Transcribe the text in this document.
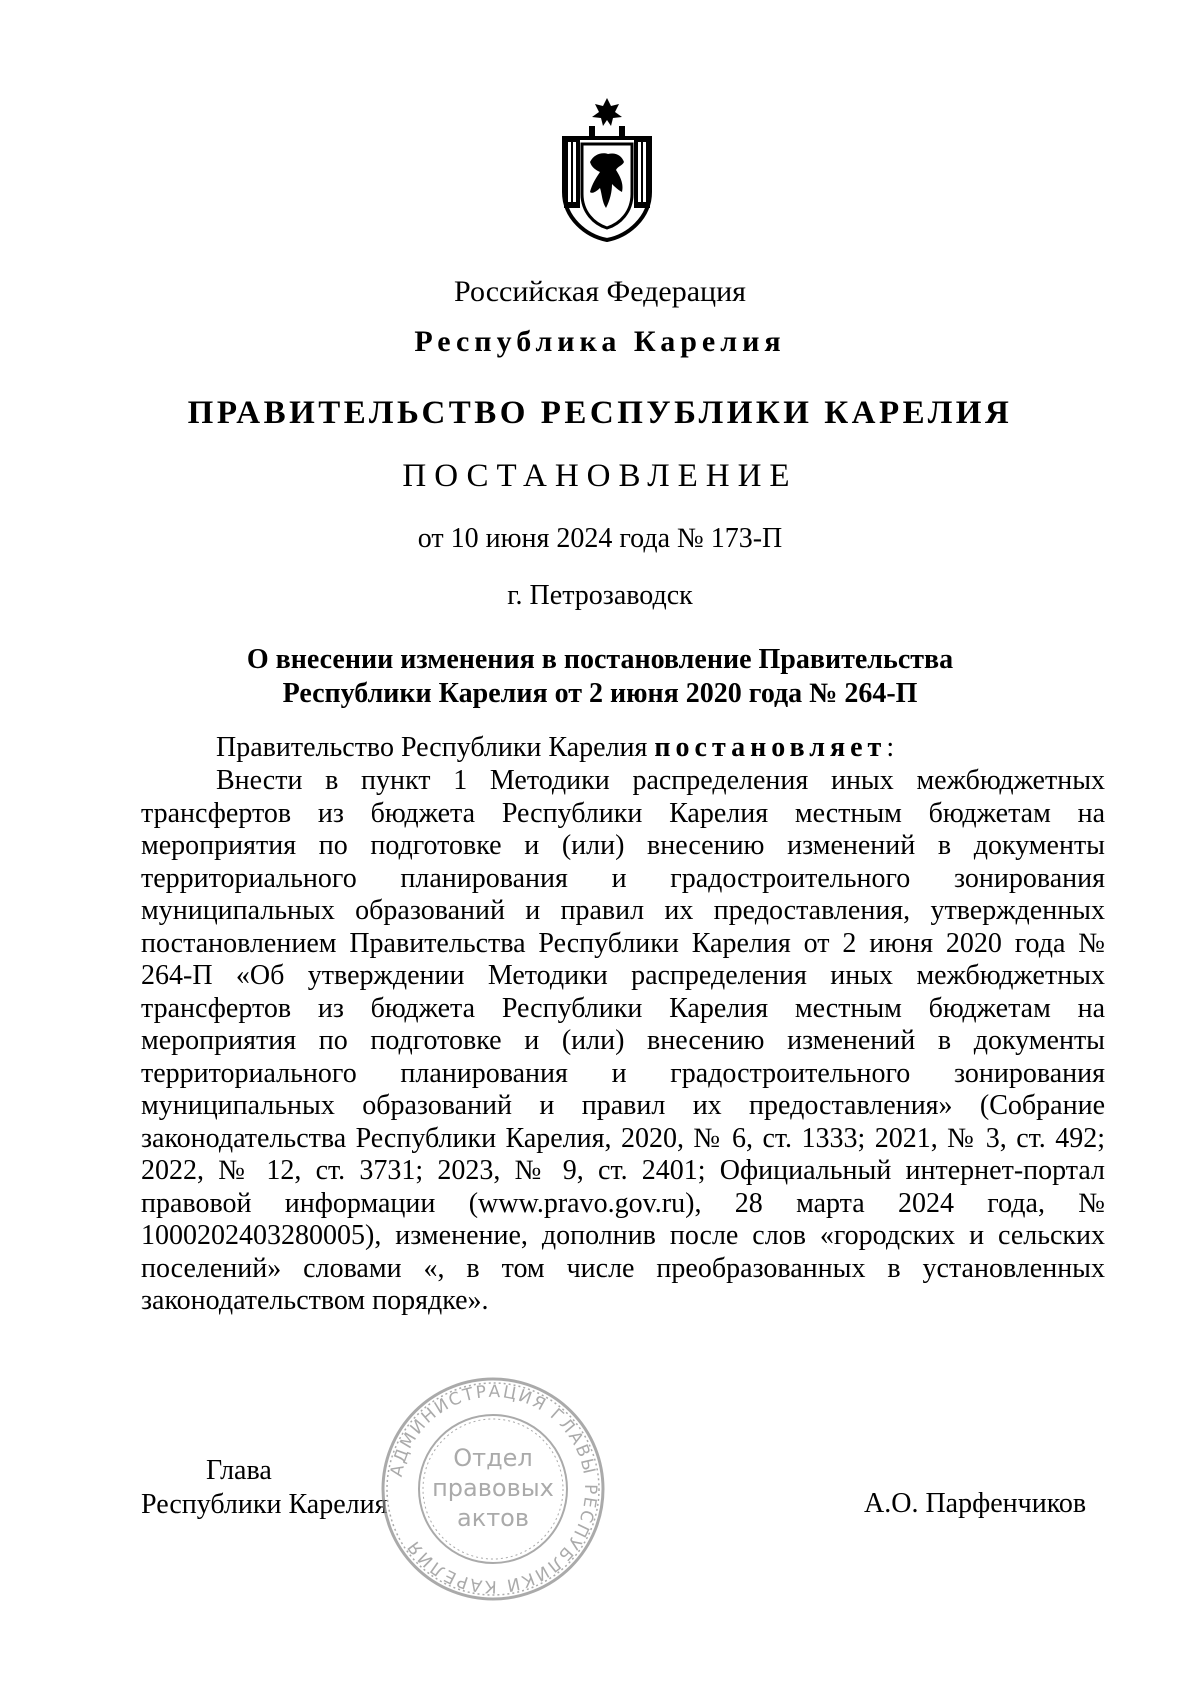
Российская Федерация
Республика Карелия
ПРАВИТЕЛЬСТВО РЕСПУБЛИКИ КАРЕЛИЯ
ПОСТАНОВЛЕНИЕ
от 10 июня 2024 года № 173-П
г. Петрозаводск
О внесении изменения в постановление Правительства
Республики Карелия от 2 июня 2020 года № 264-П
Правительство Республики Карелия постановляет:

Внести в пункт 1 Методики распределения иных межбюджетных трансфертов из бюджета Республики Карелия местным бюджетам на мероприятия по подготовке и (или) внесению изменений в документы территориального планирования и градостроительного зонирования муниципальных образований и правил их предоставления, утвержденных постановлением Правительства Республики Карелия от 2 июня 2020 года № 264-П «Об утверждении Методики распределения иных межбюджетных трансфертов из бюджета Республики Карелия местным бюджетам на мероприятия по подготовке и (или) внесению изменений в документы территориального планирования и градостроительного зонирования муниципальных образований и правил их предоставления» (Собрание законодательства Республики Карелия, 2020, № 6, ст. 1333; 2021, № 3, ст. 492; 2022, № 12, ст. 3731; 2023, № 9, ст. 2401; Официальный интернет-портал правовой информации (www.pravo.gov.ru), 28 марта 2024 года, № 1000202403280005), изменение, дополнив после слов «городских и сельских поселений» словами «, в том числе преобразованных в установленных законодательством порядке».

Глава
Республики Карелия	А.О. Парфенчиков
АДМИНИСТРАЦИЯ ГЛАВЫ РЕСПУБЛИКИ КАРЕЛИЯ
Отдел
правовых
актов
